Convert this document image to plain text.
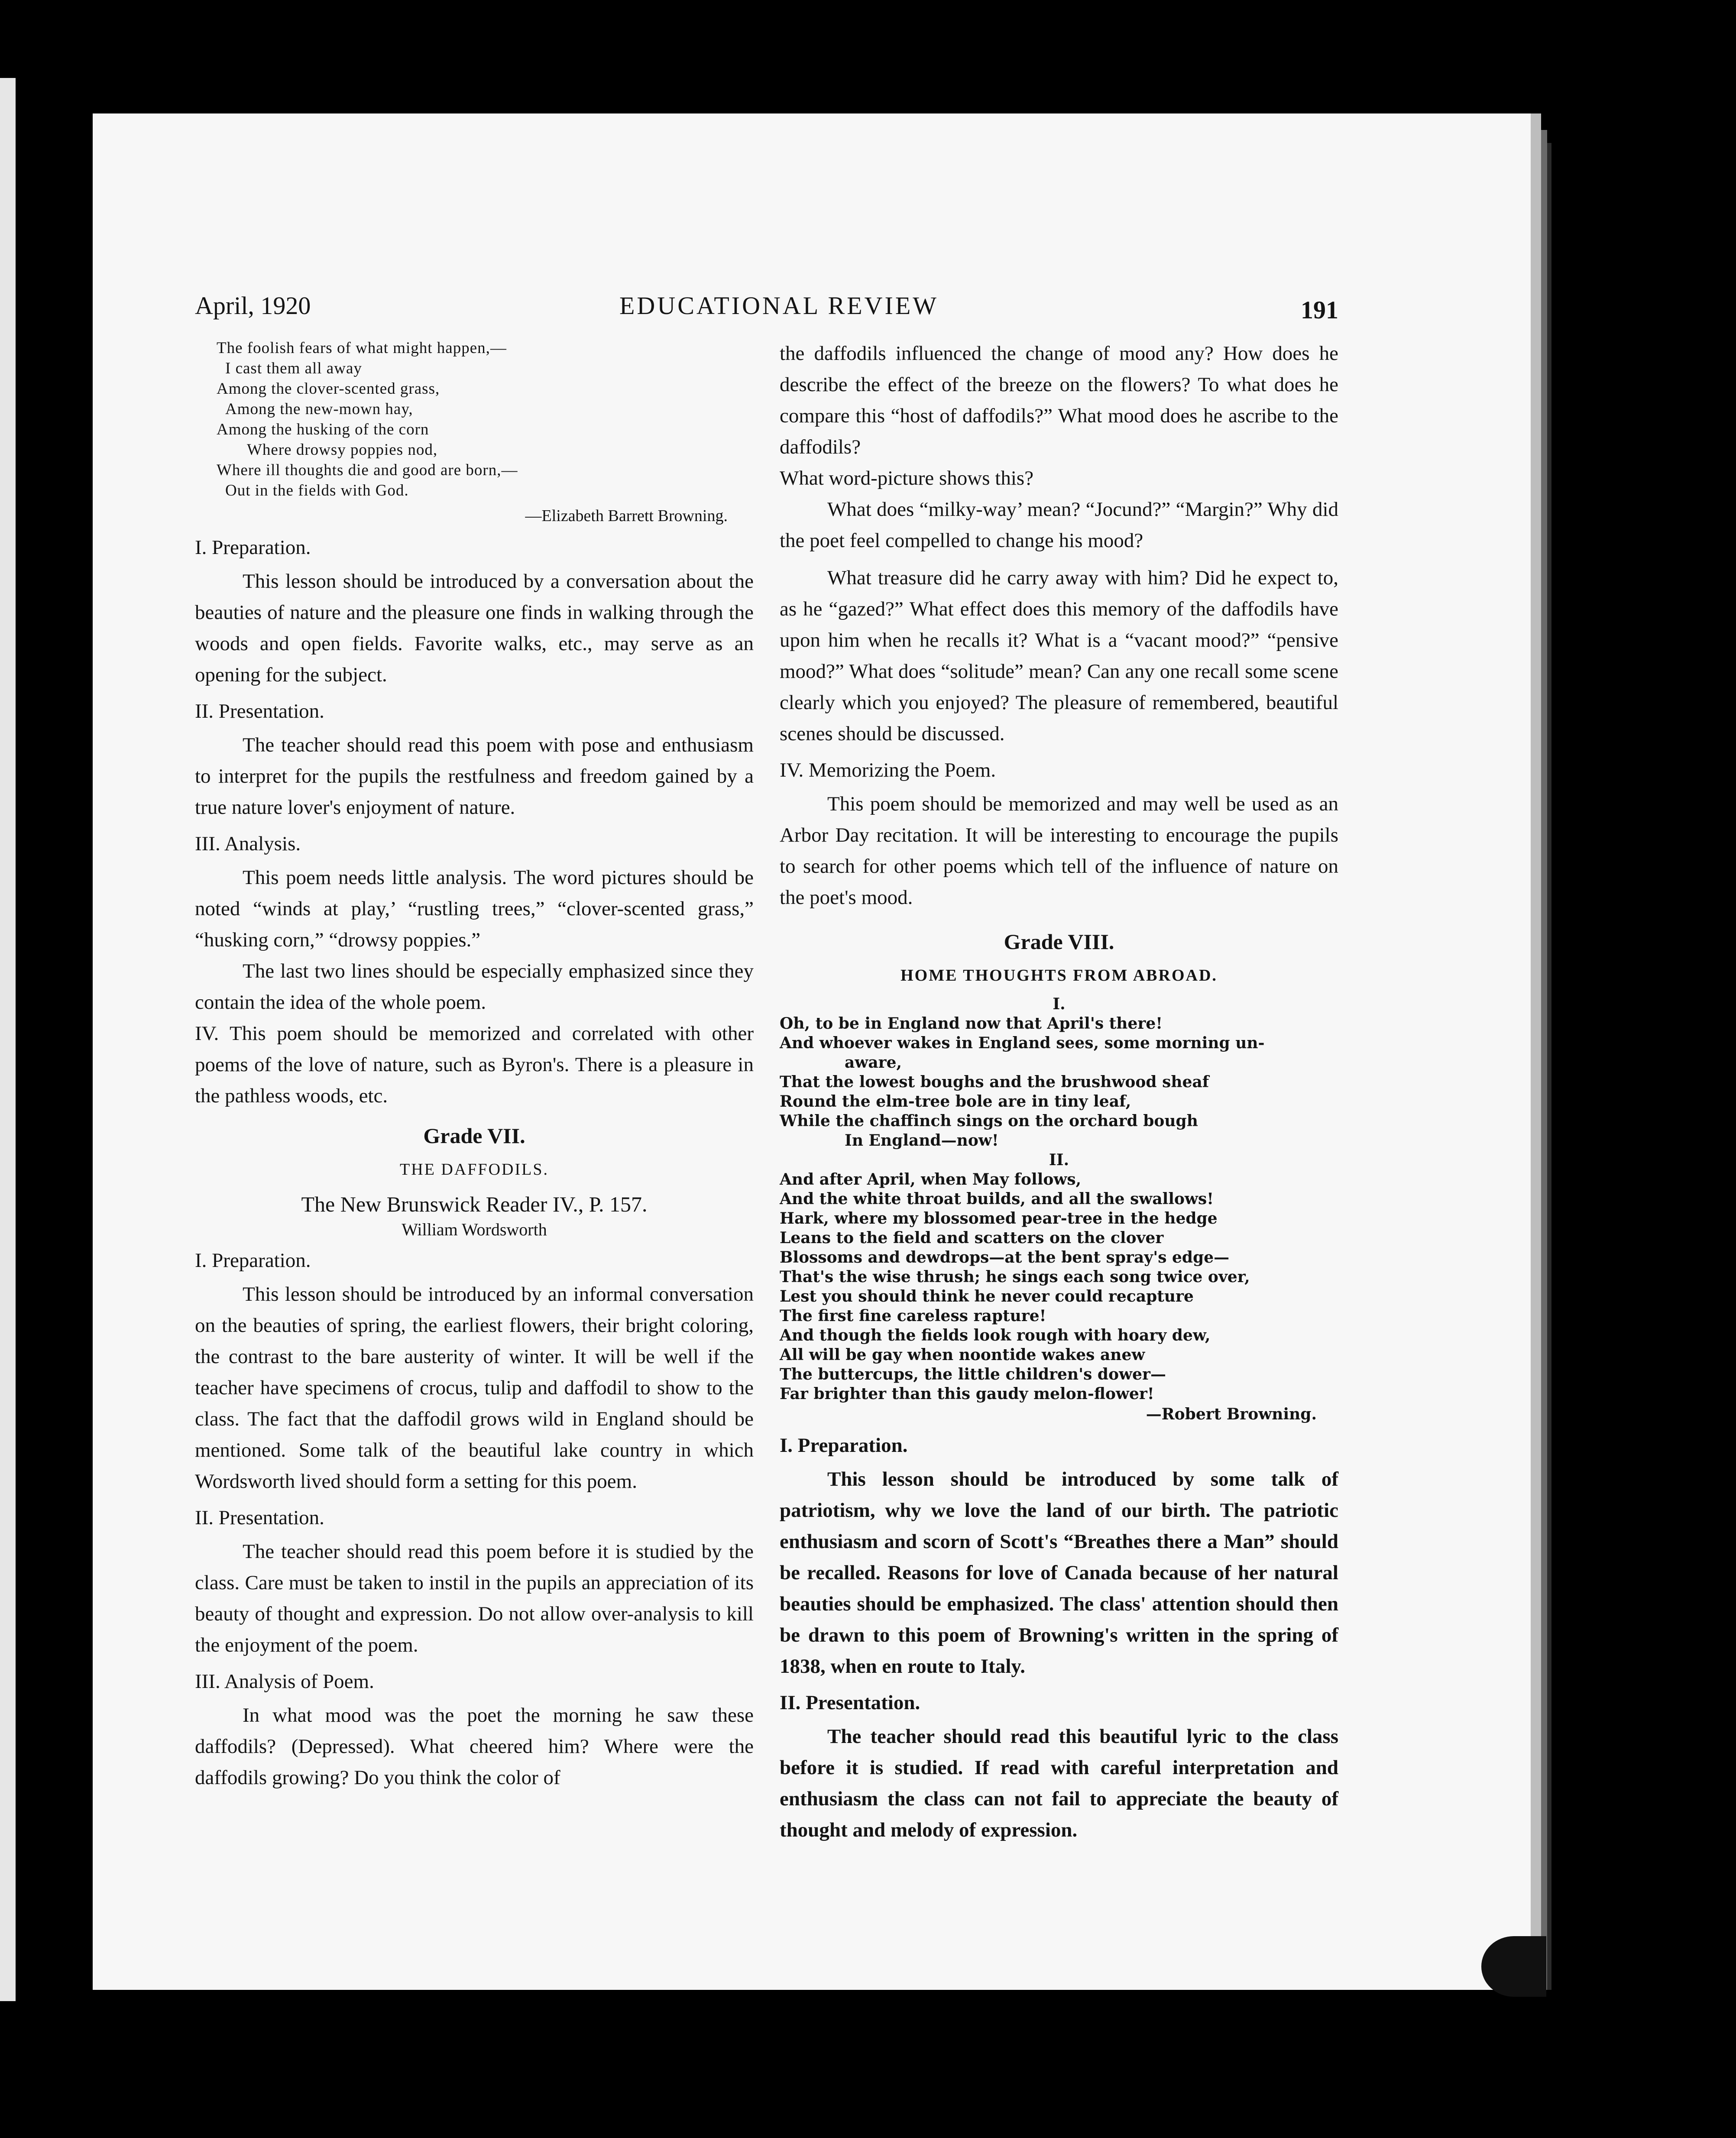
April, 1920	EDUCATIONAL REVIEW	191
The foolish fears of what might happen,—
I cast them all away
Among the clover-scented grass,
Among the new-mown hay,
Among the husking of the corn
Where drowsy poppies nod,
Where ill thoughts die and good are born,—
Out in the fields with God.
—Elizabeth Barrett Browning.

I. Preparation.

This lesson should be introduced by a conversation about the beauties of nature and the pleasure one finds in walking through the woods and open fields. Favorite walks, etc., may serve as an opening for the subject.

II. Presentation.

The teacher should read this poem with pose and enthusiasm to interpret for the pupils the restfulness and freedom gained by a true nature lover's enjoyment of nature.

III. Analysis.

This poem needs little analysis. The word pictures should be noted “winds at play,’ “rustling trees,” “clover-scented grass,” “husking corn,” “drowsy poppies.”

The last two lines should be especially emphasized since they contain the idea of the whole poem.

IV. This poem should be memorized and correlated with other poems of the love of nature, such as Byron's. There is a pleasure in the pathless woods, etc.

Grade VII.

THE DAFFODILS.

The New Brunswick Reader IV., P. 157.

William Wordsworth

I. Preparation.

This lesson should be introduced by an informal conversation on the beauties of spring, the earliest flowers, their bright coloring, the contrast to the bare austerity of winter. It will be well if the teacher have specimens of crocus, tulip and daffodil to show to the class. The fact that the daffodil grows wild in England should be mentioned. Some talk of the beautiful lake country in which Wordsworth lived should form a setting for this poem.

II. Presentation.

The teacher should read this poem before it is studied by the class. Care must be taken to instil in the pupils an appreciation of its beauty of thought and expression. Do not allow over-analysis to kill the enjoyment of the poem.

III. Analysis of Poem.

In what mood was the poet the morning he saw these daffodils? (Depressed). What cheered him? Where were the daffodils growing? Do you think the color of

the daffodils influenced the change of mood any? How does he describe the effect of the breeze on the flowers? To what does he compare this “host of daffodils?” What mood does he ascribe to the daffodils?

What word-picture shows this?

What does “milky-way’ mean? “Jocund?” “Margin?” Why did the poet feel compelled to change his mood?

What treasure did he carry away with him? Did he expect to, as he “gazed?” What effect does this memory of the daffodils have upon him when he recalls it? What is a “vacant mood?” “pensive mood?” What does “solitude” mean? Can any one recall some scene clearly which you enjoyed? The pleasure of remembered, beautiful scenes should be discussed.

IV. Memorizing the Poem.

This poem should be memorized and may well be used as an Arbor Day recitation. It will be interesting to encourage the pupils to search for other poems which tell of the influence of nature on the poet's mood.

Grade VIII.

HOME THOUGHTS FROM ABROAD.

I.
Oh, to be in England now that April's there!
And whoever wakes in England sees, some morning un-
aware,
That the lowest boughs and the brushwood sheaf
Round the elm-tree bole are in tiny leaf,
While the chaffinch sings on the orchard bough
In England—now!
II.
And after April, when May follows,
And the white throat builds, and all the swallows!
Hark, where my blossomed pear-tree in the hedge
Leans to the field and scatters on the clover
Blossoms and dewdrops—at the bent spray's edge—
That's the wise thrush; he sings each song twice over,
Lest you should think he never could recapture
The first fine careless rapture!
And though the fields look rough with hoary dew,
All will be gay when noontide wakes anew
The buttercups, the little children's dower—
Far brighter than this gaudy melon-flower!
—Robert Browning.

I. Preparation.

This lesson should be introduced by some talk of patriotism, why we love the land of our birth. The patriotic enthusiasm and scorn of Scott's “Breathes there a Man” should be recalled. Reasons for love of Canada because of her natural beauties should be emphasized. The class' attention should then be drawn to this poem of Browning's written in the spring of 1838, when en route to Italy.

II. Presentation.

The teacher should read this beautiful lyric to the class before it is studied. If read with careful interpretation and enthusiasm the class can not fail to appreciate the beauty of thought and melody of expression.
